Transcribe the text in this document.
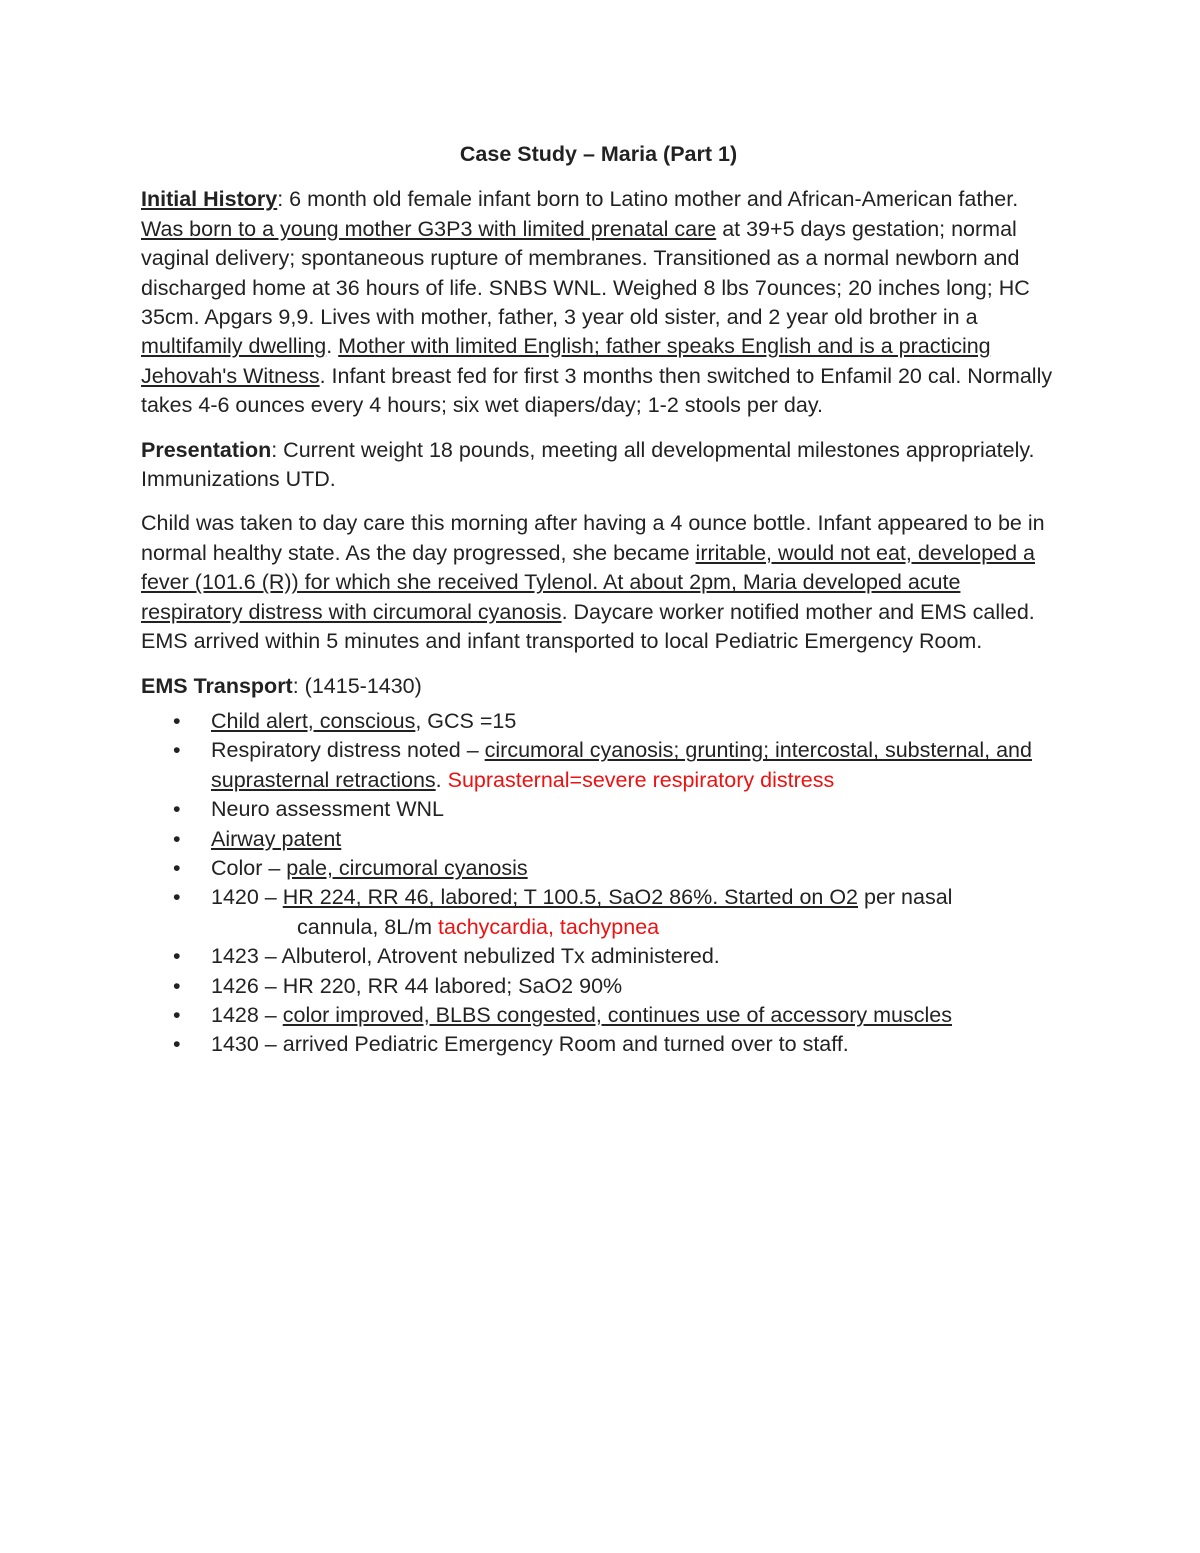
Case Study – Maria (Part 1)

Initial History: 6 month old female infant born to Latino mother and African-American father. Was born to a young mother G3P3 with limited prenatal care at 39+5 days gestation; normal vaginal delivery; spontaneous rupture of membranes. Transitioned as a normal newborn and discharged home at 36 hours of life. SNBS WNL. Weighed 8 lbs 7ounces; 20 inches long; HC 35cm. Apgars 9,9. Lives with mother, father, 3 year old sister, and 2 year old brother in a multifamily dwelling. Mother with limited English; father speaks English and is a practicing Jehovah's Witness. Infant breast fed for first 3 months then switched to Enfamil 20 cal. Normally takes 4-6 ounces every 4 hours; six wet diapers/day; 1-2 stools per day.

Presentation: Current weight 18 pounds, meeting all developmental milestones appropriately. Immunizations UTD.

Child was taken to day care this morning after having a 4 ounce bottle. Infant appeared to be in normal healthy state. As the day progressed, she became irritable, would not eat, developed a fever (101.6 (R)) for which she received Tylenol. At about 2pm, Maria developed acute respiratory distress with circumoral cyanosis. Daycare worker notified mother and EMS called. EMS arrived within 5 minutes and infant transported to local Pediatric Emergency Room.

EMS Transport: (1415-1430)

• Child alert, conscious, GCS =15
• Respiratory distress noted – circumoral cyanosis; grunting; intercostal, substernal, and suprasternal retractions. Suprasternal=severe respiratory distress
• Neuro assessment WNL
• Airway patent
• Color – pale, circumoral cyanosis
• 1420 – HR 224, RR 46, labored; T 100.5, SaO2 86%. Started on O2 per nasal
cannula, 8L/m tachycardia, tachypnea
• 1423 – Albuterol, Atrovent nebulized Tx administered.
• 1426 – HR 220, RR 44 labored; SaO2 90%
• 1428 – color improved, BLBS congested, continues use of accessory muscles
• 1430 – arrived Pediatric Emergency Room and turned over to staff.
